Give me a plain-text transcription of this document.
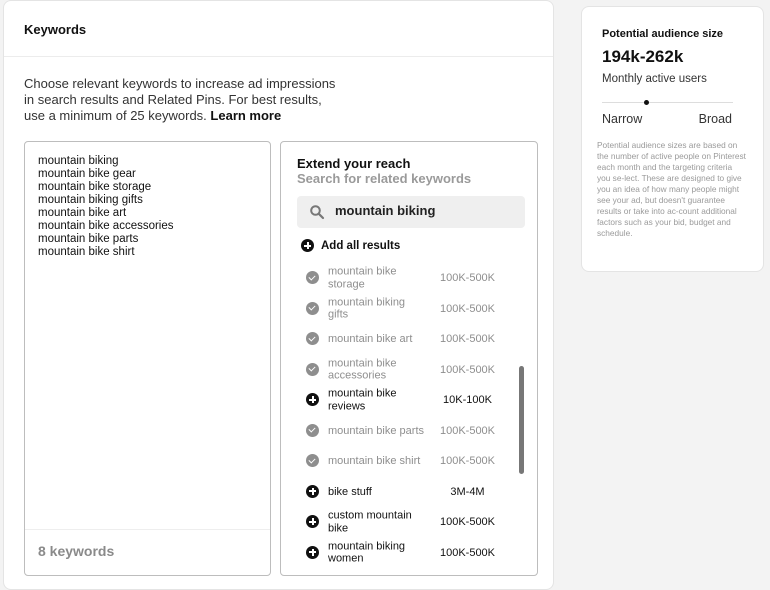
Keywords
Choose relevant keywords to increase ad impressions in search results and Related Pins. For best results, use a minimum of 25 keywords. Learn more
mountain biking
mountain bike gear
mountain bike storage
mountain biking gifts
mountain bike art
mountain bike accessories
mountain bike parts
mountain bike shirt
8 keywords
Extend your reach
Search for related keywords
mountain biking
Add all results
mountain bike storage	100K-500K
mountain biking gifts	100K-500K
mountain bike art	100K-500K
mountain bike accessories	100K-500K
mountain bike reviews	10K-100K
mountain bike parts	100K-500K
mountain bike shirt	100K-500K
bike stuff	3M-4M
custom mountain bike	100K-500K
mountain biking women	100K-500K
Potential audience size
194k-262k
Monthly active users
Narrow	Broad
Potential audience sizes are based on the number of active people on Pinterest each month and the targeting criteria you se-lect. These are designed to give you an idea of how many people might see your ad, but doesn't guarantee results or take into ac-count additional factors such as your bid, budget and schedule.
